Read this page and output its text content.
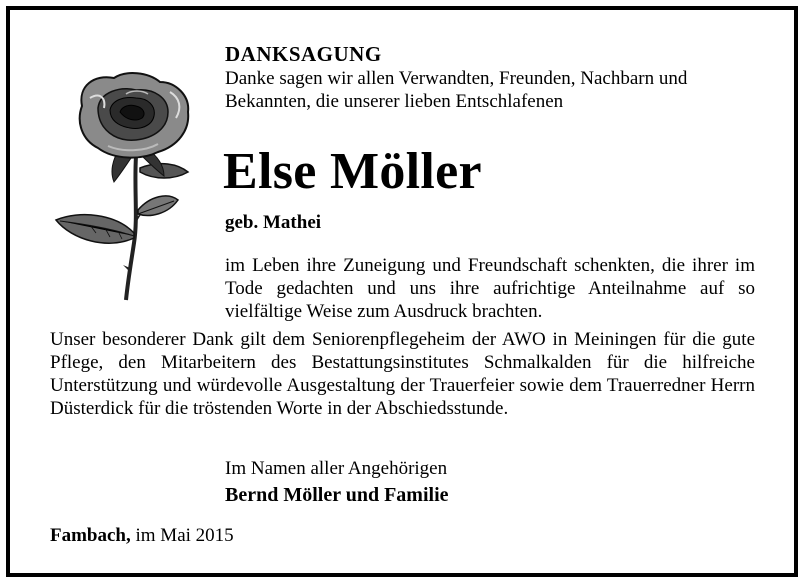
DANKSAGUNG
Danke sagen wir allen Verwandten, Freunden, Nachbarn und Bekannten, die unserer lieben Entschlafenen
Else Möller
geb. Mathei
im Leben ihre Zuneigung und Freundschaft schenkten, die ihrer im Tode gedachten und uns ihre aufrichtige Anteilnahme auf so vielfältige Weise zum Ausdruck brachten.
Unser besonderer Dank gilt dem Seniorenpflegeheim der AWO in Meiningen für die gute Pflege, den Mitarbeitern des Bestattungsinstitutes Schmalkalden für die hilfreiche Unterstützung und würdevolle Ausgestaltung der Trauerfeier sowie dem Trauerredner Herrn Düsterdick für die tröstenden Worte in der Abschiedsstunde.
Im Namen aller Angehörigen
Bernd Möller und Familie
Fambach, im Mai 2015
